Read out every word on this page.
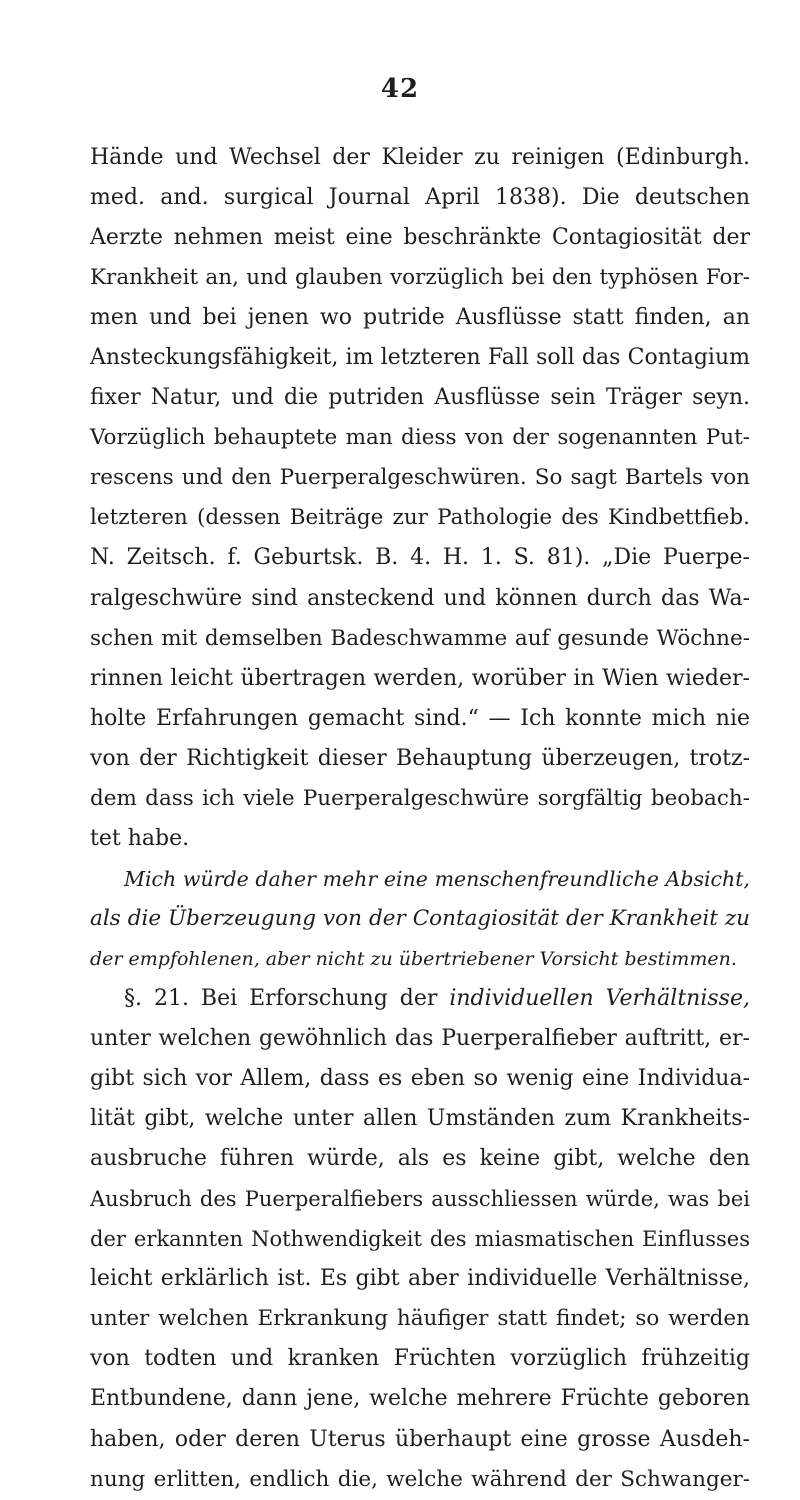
42
Hände und Wechsel der Kleider zu reinigen (Edinburgh.
med. and. surgical Journal April 1838). Die deutschen
Aerzte nehmen meist eine beschränkte Contagiosität der
Krankheit an, und glauben vorzüglich bei den typhösen For-
men und bei jenen wo putride Ausflüsse statt finden, an
Ansteckungsfähigkeit, im letzteren Fall soll das Contagium
fixer Natur, und die putriden Ausflüsse sein Träger seyn.
Vorzüglich behauptete man diess von der sogenannten Put-
rescens und den Puerperalgeschwüren. So sagt Bartels von
letzteren (dessen Beiträge zur Pathologie des Kindbettfieb.
N. Zeitsch. f. Geburtsk. B. 4. H. 1. S. 81). „Die Puerpe-
ralgeschwüre sind ansteckend und können durch das Wa-
schen mit demselben Badeschwamme auf gesunde Wöchne-
rinnen leicht übertragen werden, worüber in Wien wieder-
holte Erfahrungen gemacht sind.“ — Ich konnte mich nie
von der Richtigkeit dieser Behauptung überzeugen, trotz-
dem dass ich viele Puerperalgeschwüre sorgfältig beobach-
tet habe.
Mich würde daher mehr eine menschenfreundliche Absicht,
als die Überzeugung von der Contagiosität der Krankheit zu
der empfohlenen, aber nicht zu übertriebener Vorsicht bestimmen.
§. 21. Bei Erforschung der individuellen Verhältnisse,
unter welchen gewöhnlich das Puerperalfieber auftritt, er-
gibt sich vor Allem, dass es eben so wenig eine Individua-
lität gibt, welche unter allen Umständen zum Krankheits-
ausbruche führen würde, als es keine gibt, welche den
Ausbruch des Puerperalfiebers ausschliessen würde, was bei
der erkannten Nothwendigkeit des miasmatischen Einflusses
leicht erklärlich ist. Es gibt aber individuelle Verhältnisse,
unter welchen Erkrankung häufiger statt findet; so werden
von todten und kranken Früchten vorzüglich frühzeitig
Entbundene, dann jene, welche mehrere Früchte geboren
haben, oder deren Uterus überhaupt eine grosse Ausdeh-
nung erlitten, endlich die, welche während der Schwanger-
